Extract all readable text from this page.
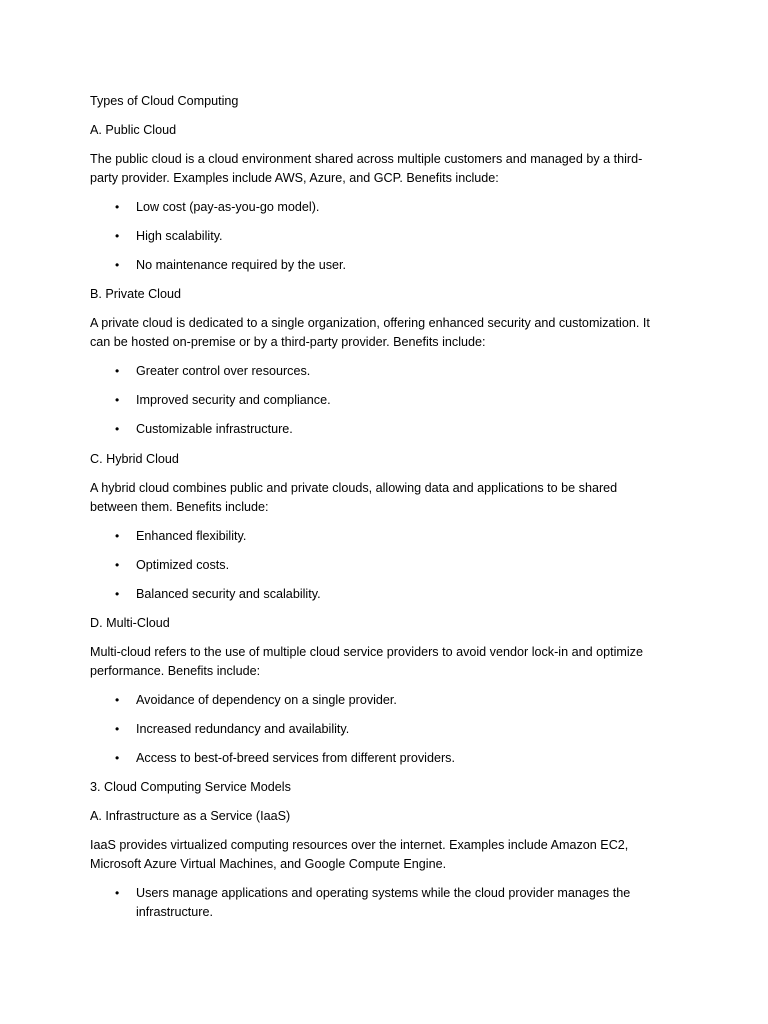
Types of Cloud Computing
A. Public Cloud
The public cloud is a cloud environment shared across multiple customers and managed by a third-
party provider. Examples include AWS, Azure, and GCP. Benefits include:
•	Low cost (pay-as-you-go model).
•	High scalability.
•	No maintenance required by the user.
B. Private Cloud
A private cloud is dedicated to a single organization, offering enhanced security and customization. It
can be hosted on-premise or by a third-party provider. Benefits include:
•	Greater control over resources.
•	Improved security and compliance.
•	Customizable infrastructure.
C. Hybrid Cloud
A hybrid cloud combines public and private clouds, allowing data and applications to be shared
between them. Benefits include:
•	Enhanced flexibility.
•	Optimized costs.
•	Balanced security and scalability.
D. Multi-Cloud
Multi-cloud refers to the use of multiple cloud service providers to avoid vendor lock-in and optimize
performance. Benefits include:
•	Avoidance of dependency on a single provider.
•	Increased redundancy and availability.
•	Access to best-of-breed services from different providers.
3. Cloud Computing Service Models
A. Infrastructure as a Service (IaaS)
IaaS provides virtualized computing resources over the internet. Examples include Amazon EC2,
Microsoft Azure Virtual Machines, and Google Compute Engine.
•	Users manage applications and operating systems while the cloud provider manages the
infrastructure.
